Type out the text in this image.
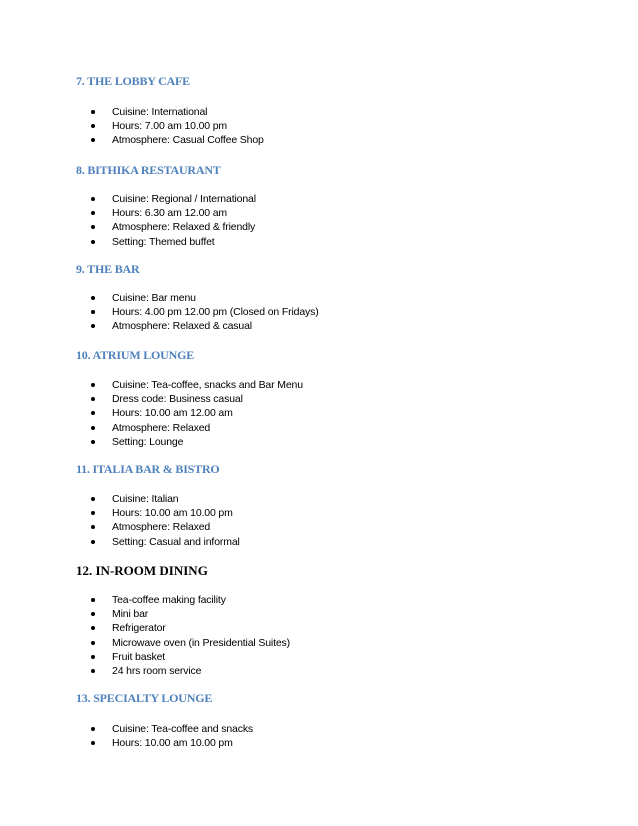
7. THE LOBBY CAFE
Cuisine: International
Hours: 7.00 am 10.00 pm
Atmosphere: Casual Coffee Shop
8. BITHIKA RESTAURANT
Cuisine: Regional / International
Hours: 6.30 am 12.00 am
Atmosphere: Relaxed & friendly
Setting: Themed buffet
9. THE BAR
Cuisine: Bar menu
Hours: 4.00 pm 12.00 pm (Closed on Fridays)
Atmosphere: Relaxed & casual
10. ATRIUM LOUNGE
Cuisine: Tea-coffee, snacks and Bar Menu
Dress code: Business casual
Hours: 10.00 am 12.00 am
Atmosphere: Relaxed
Setting: Lounge
11. ITALIA BAR & BISTRO
Cuisine: Italian
Hours: 10.00 am 10.00 pm
Atmosphere: Relaxed
Setting: Casual and informal
12. IN-ROOM DINING
Tea-coffee making facility
Mini bar
Refrigerator
Microwave oven (in Presidential Suites)
Fruit basket
24 hrs room service
13. SPECIALTY LOUNGE
Cuisine: Tea-coffee and snacks
Hours: 10.00 am 10.00 pm
